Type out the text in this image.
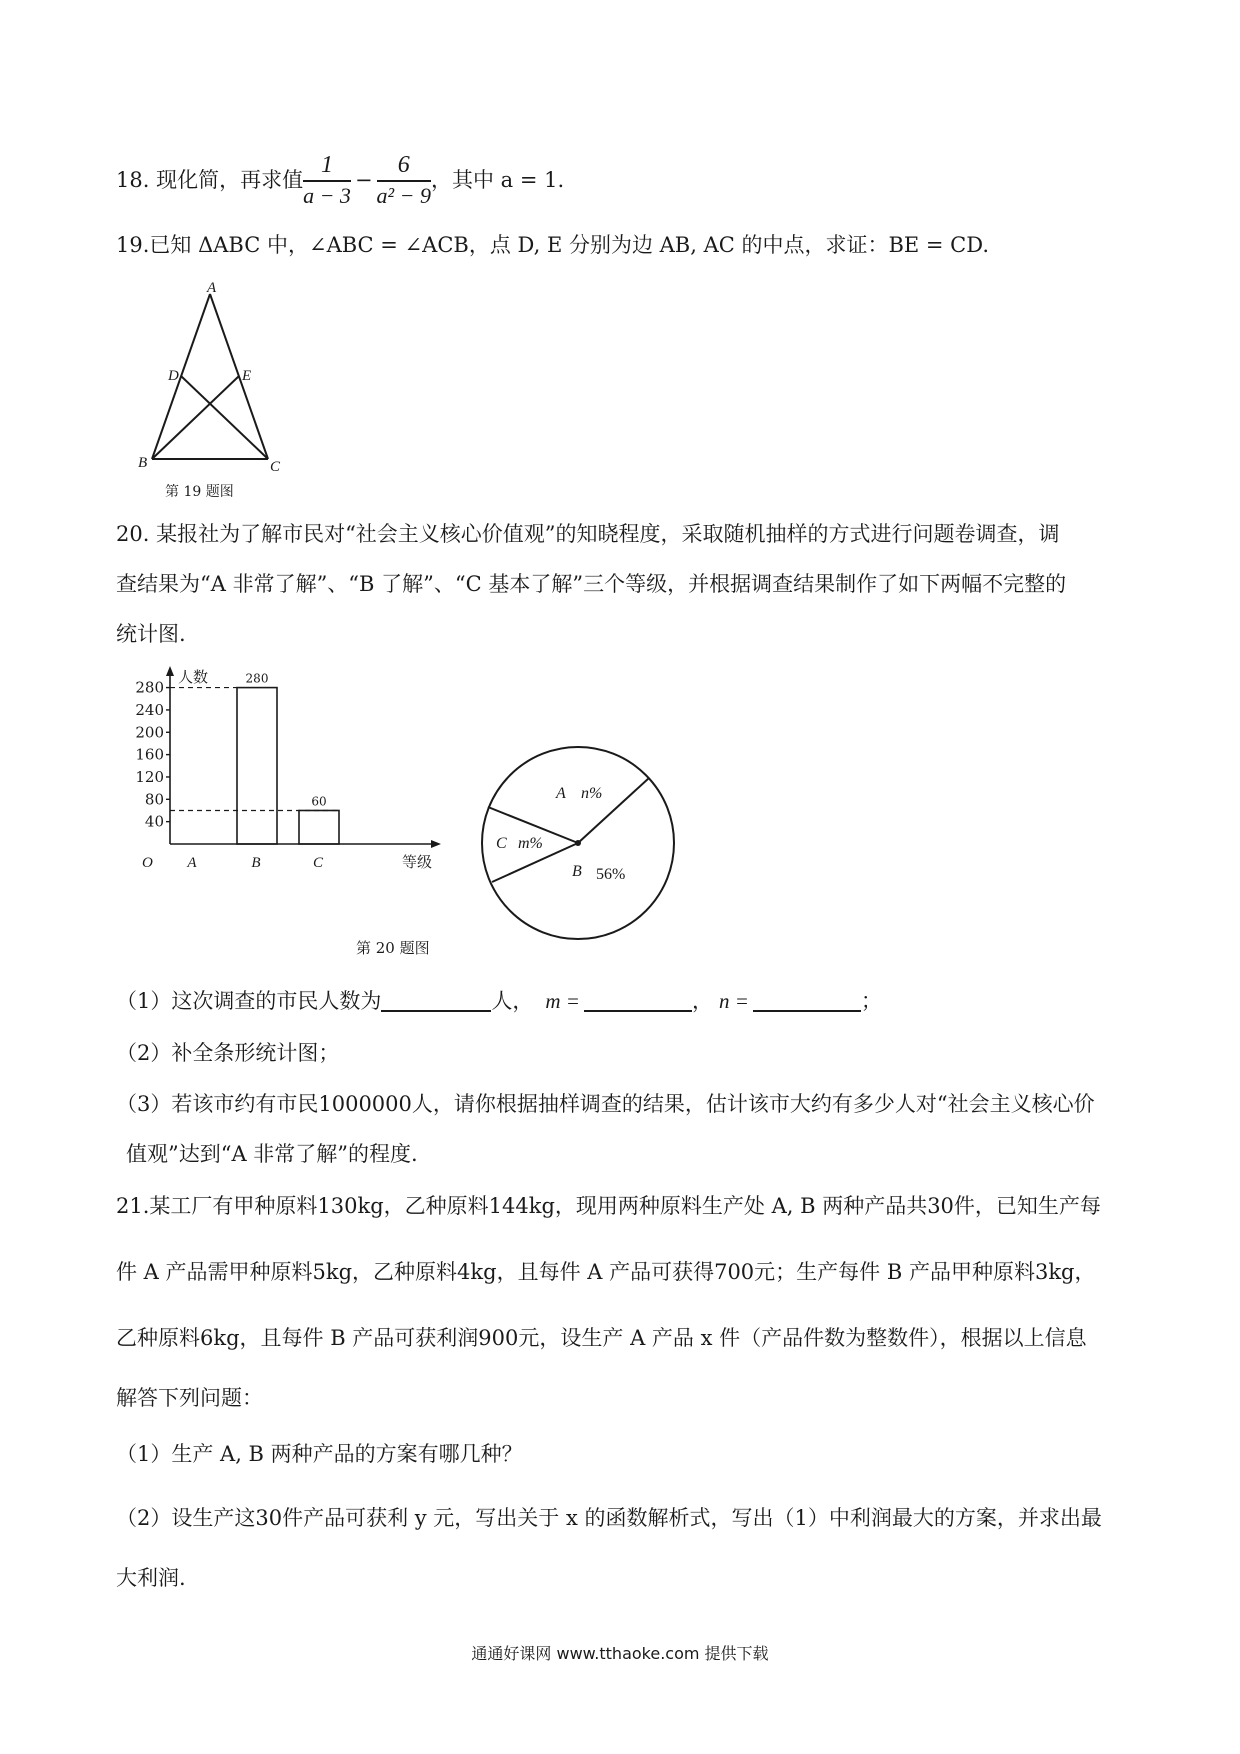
18. 现化简，再求值 $\frac{1}{a - 3} - \frac{6}{\text{a² − 9}}$ ，其中 a = 1.
19.已知 ΔABC 中，∠ABC = ∠ACB，点 D, E 分别为边 AB, AC 的中点，求证：BE = CD.
A
D	E
B	C
第 19 题图
20. 某报社为了解市民对“社会主义核心价值观”的知晓程度，采取随机抽样的方式进行问题卷调查，调
查结果为“A 非常了解”、“B 了解”、“C 基本了解”三个等级，并根据调查结果制作了如下两幅不完整的
统计图.
40
80
120
160
200
240
280
A	B
280
C
60
人数
等级
O
第 20 题图
A n%
C m%
B 56%
（1）这次调查的市民人数为	人， m =	， n =	；
（2）补全条形统计图；
（3）若该市约有市民1000000人，请你根据抽样调查的结果，估计该市大约有多少人对“社会主义核心价
值观”达到“A 非常了解”的程度.
21.某工厂有甲种原料130kg，乙种原料144kg，现用两种原料生产处 A, B 两种产品共30件，已知生产每
件 A 产品需甲种原料5kg，乙种原料4kg，且每件 A 产品可获得700元；生产每件 B 产品甲种原料3kg，
乙种原料6kg，且每件 B 产品可获利润900元，设生产 A 产品 x 件（产品件数为整数件），根据以上信息
解答下列问题：
（1）生产 A, B 两种产品的方案有哪几种？
（2）设生产这30件产品可获利 y 元，写出关于 x 的函数解析式，写出（1）中利润最大的方案，并求出最
大利润.
通通好课网 www.tthaoke.com 提供下载
